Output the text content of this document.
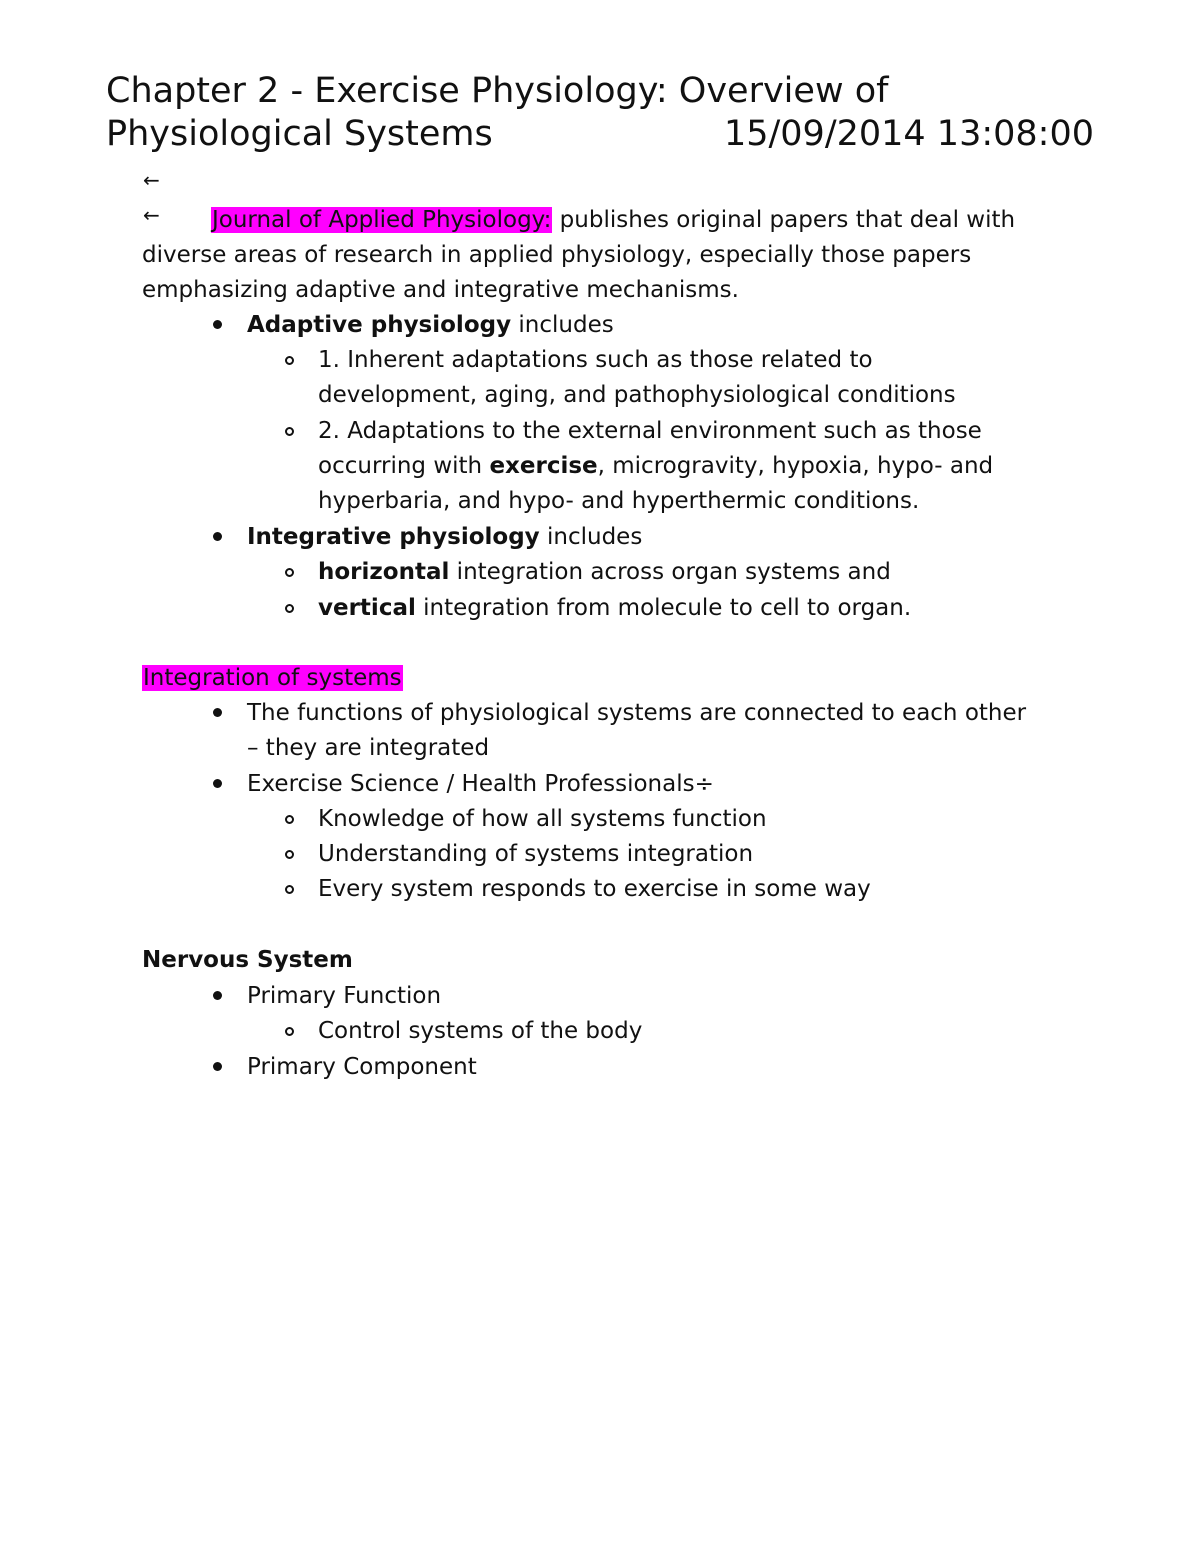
Chapter 2 - Exercise Physiology: Overview of
Physiological Systems	15/09/2014 13:08:00
←
← Journal of Applied Physiology: publishes original papers that deal with
diverse areas of research in applied physiology, especially those papers
emphasizing adaptive and integrative mechanisms.
Adaptive physiology includes
1. Inherent adaptations such as those related to
development, aging, and pathophysiological conditions
2. Adaptations to the external environment such as those
occurring with exercise, microgravity, hypoxia, hypo- and
hyperbaria, and hypo- and hyperthermic conditions.
Integrative physiology includes
horizontal integration across organ systems and
vertical integration from molecule to cell to organ.
Integration of systems
The functions of physiological systems are connected to each other
– they are integrated
Exercise Science / Health Professionals÷
Knowledge of how all systems function
Understanding of systems integration
Every system responds to exercise in some way
Nervous System
Primary Function
Control systems of the body
Primary Component
